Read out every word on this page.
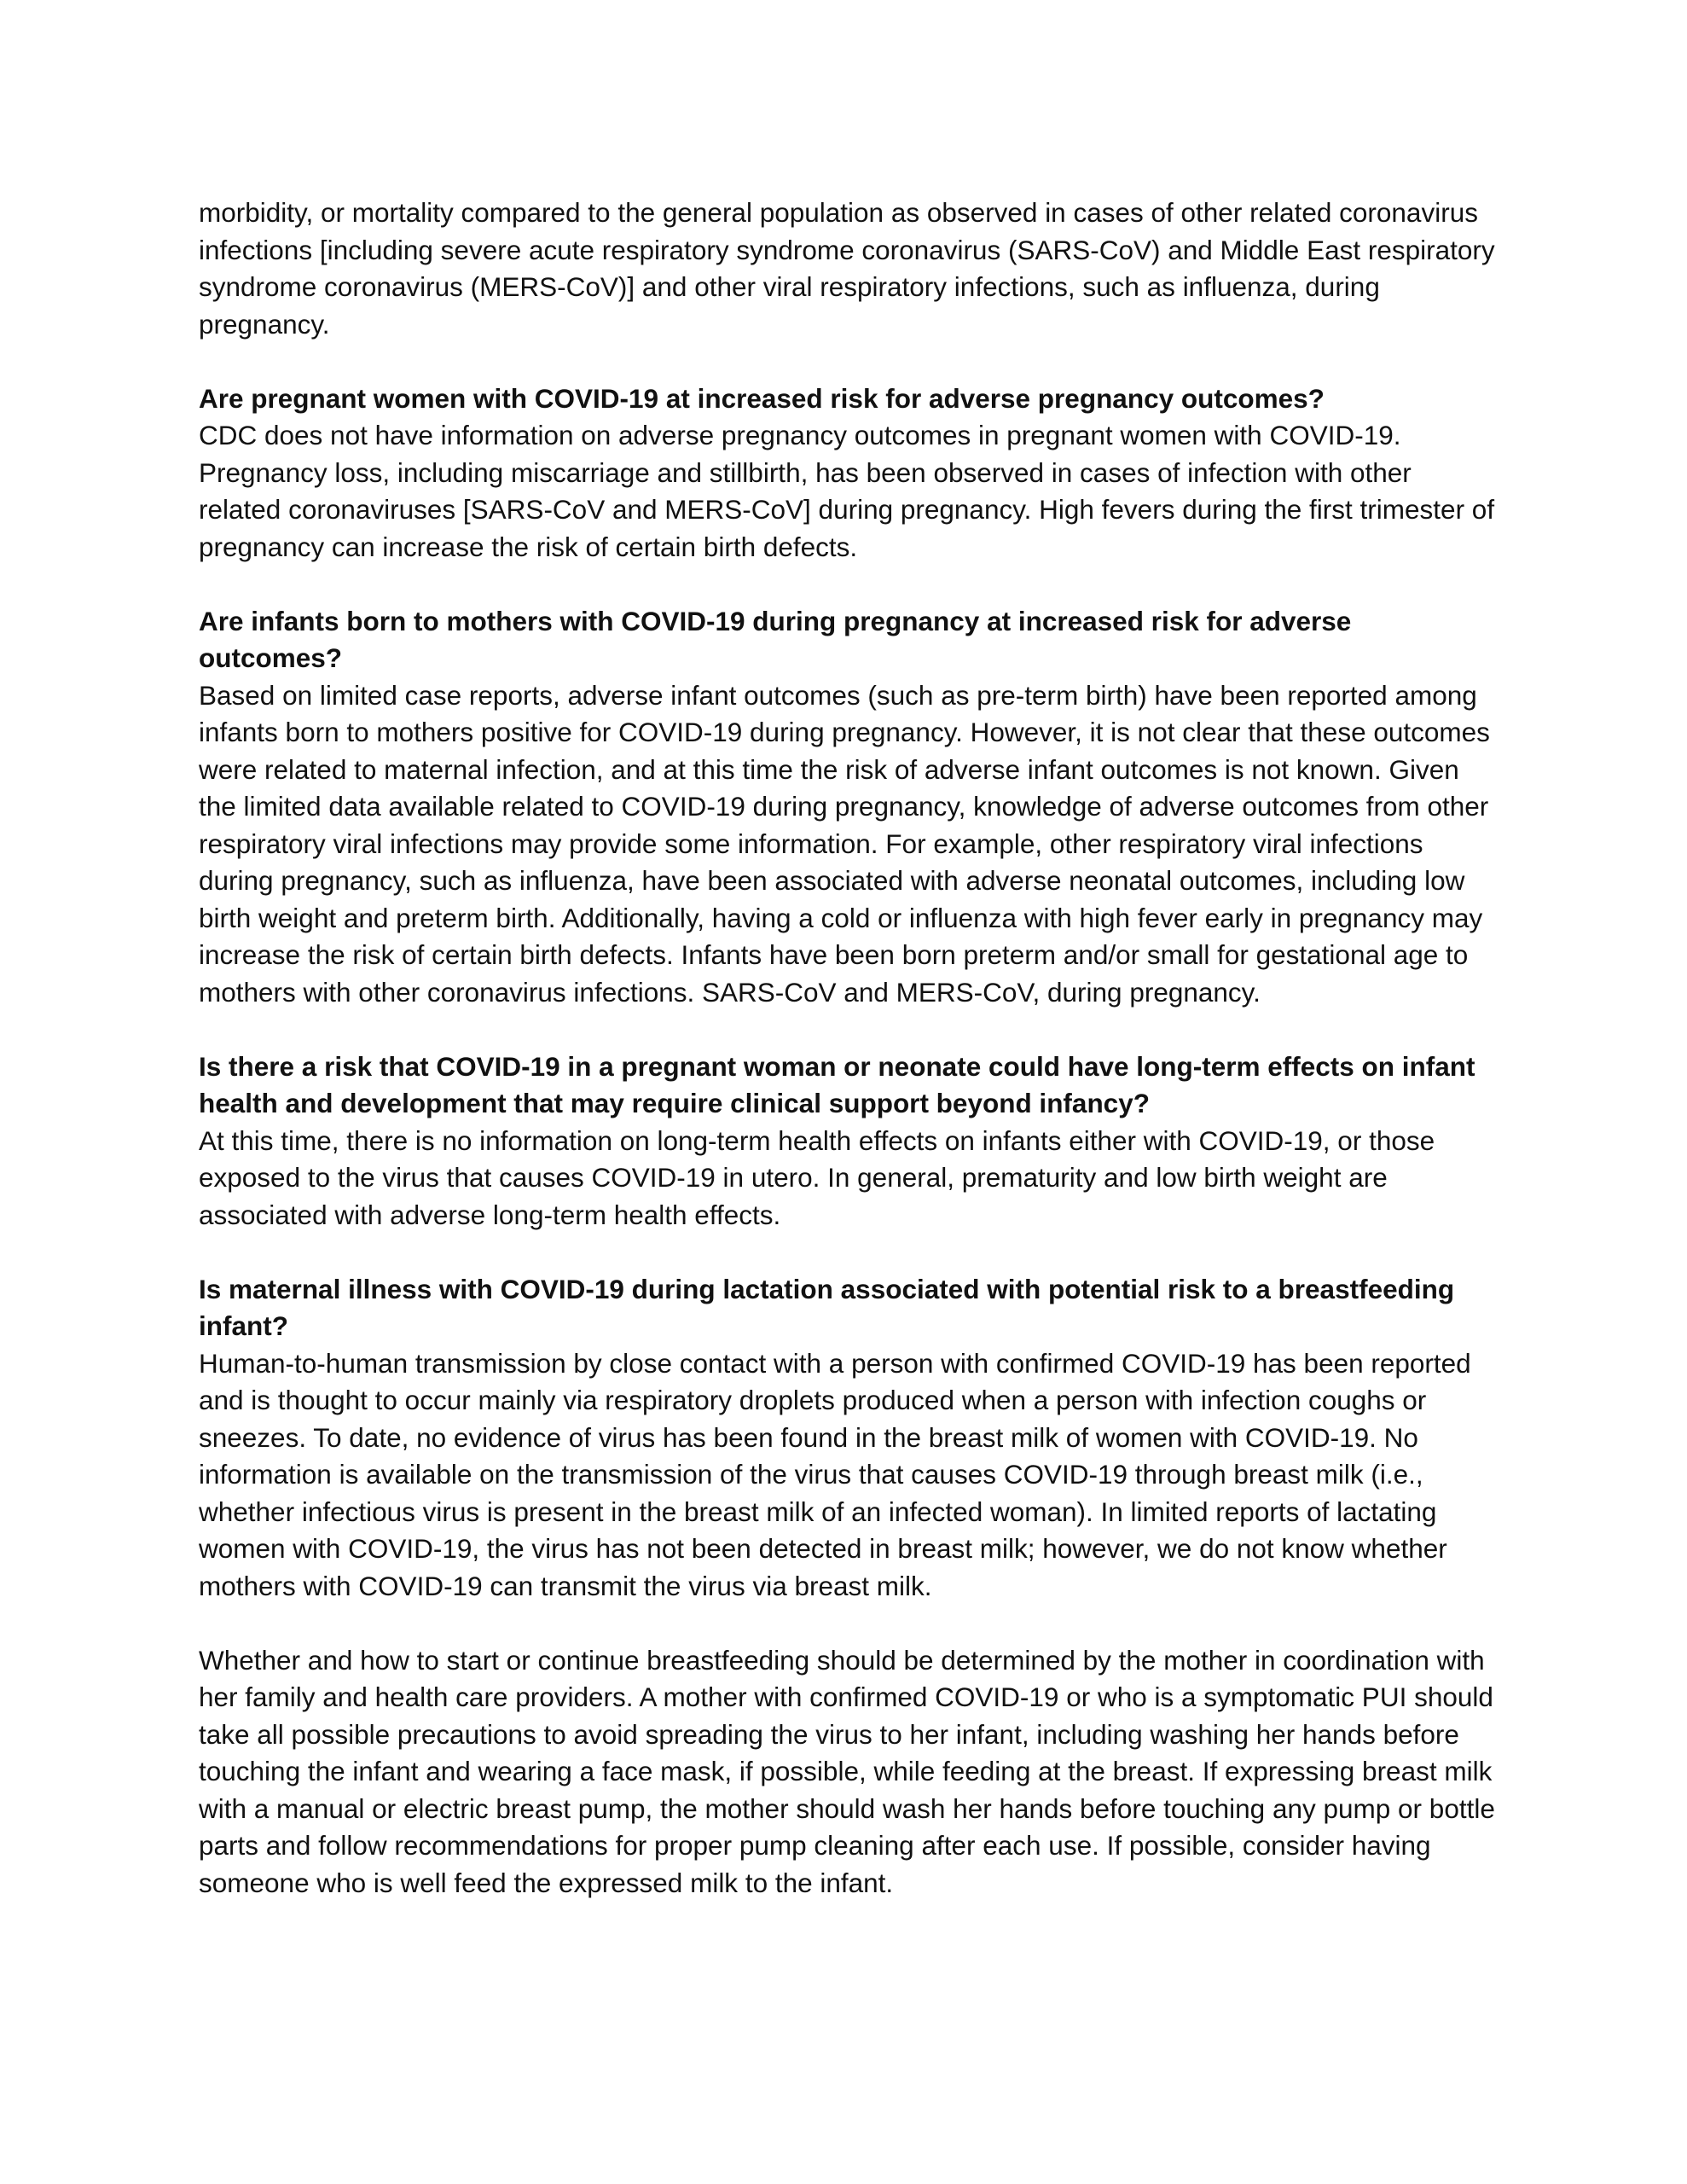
morbidity, or mortality compared to the general population as observed in cases of other related coronavirus infections [including severe acute respiratory syndrome coronavirus (SARS-CoV) and Middle East respiratory syndrome coronavirus (MERS-CoV)] and other viral respiratory infections, such as influenza, during pregnancy.

Are pregnant women with COVID-19 at increased risk for adverse pregnancy outcomes?

CDC does not have information on adverse pregnancy outcomes in pregnant women with COVID-19. Pregnancy loss, including miscarriage and stillbirth, has been observed in cases of infection with other related coronaviruses [SARS-CoV and MERS-CoV] during pregnancy. High fevers during the first trimester of pregnancy can increase the risk of certain birth defects.

Are infants born to mothers with COVID-19 during pregnancy at increased risk for adverse outcomes?

Based on limited case reports, adverse infant outcomes (such as pre-term birth) have been reported among infants born to mothers positive for COVID-19 during pregnancy. However, it is not clear that these outcomes were related to maternal infection, and at this time the risk of adverse infant outcomes is not known. Given the limited data available related to COVID-19 during pregnancy, knowledge of adverse outcomes from other respiratory viral infections may provide some information. For example, other respiratory viral infections during pregnancy, such as influenza, have been associated with adverse neonatal outcomes, including low birth weight and preterm birth. Additionally, having a cold or influenza with high fever early in pregnancy may increase the risk of certain birth defects. Infants have been born preterm and/or small for gestational age to mothers with other coronavirus infections. SARS-CoV and MERS-CoV, during pregnancy.

Is there a risk that COVID-19 in a pregnant woman or neonate could have long-term effects on infant health and development that may require clinical support beyond infancy?

At this time, there is no information on long-term health effects on infants either with COVID-19, or those exposed to the virus that causes COVID-19 in utero. In general, prematurity and low birth weight are associated with adverse long-term health effects.

Is maternal illness with COVID-19 during lactation associated with potential risk to a breastfeeding infant?

Human-to-human transmission by close contact with a person with confirmed COVID-19 has been reported and is thought to occur mainly via respiratory droplets produced when a person with infection coughs or sneezes. To date, no evidence of virus has been found in the breast milk of women with COVID-19. No information is available on the transmission of the virus that causes COVID-19 through breast milk (i.e., whether infectious virus is present in the breast milk of an infected woman). In limited reports of lactating women with COVID-19, the virus has not been detected in breast milk; however, we do not know whether mothers with COVID-19 can transmit the virus via breast milk.

Whether and how to start or continue breastfeeding should be determined by the mother in coordination with her family and health care providers. A mother with confirmed COVID-19 or who is a symptomatic PUI should take all possible precautions to avoid spreading the virus to her infant, including washing her hands before touching the infant and wearing a face mask, if possible, while feeding at the breast. If expressing breast milk with a manual or electric breast pump, the mother should wash her hands before touching any pump or bottle parts and follow recommendations for proper pump cleaning after each use. If possible, consider having someone who is well feed the expressed milk to the infant.
